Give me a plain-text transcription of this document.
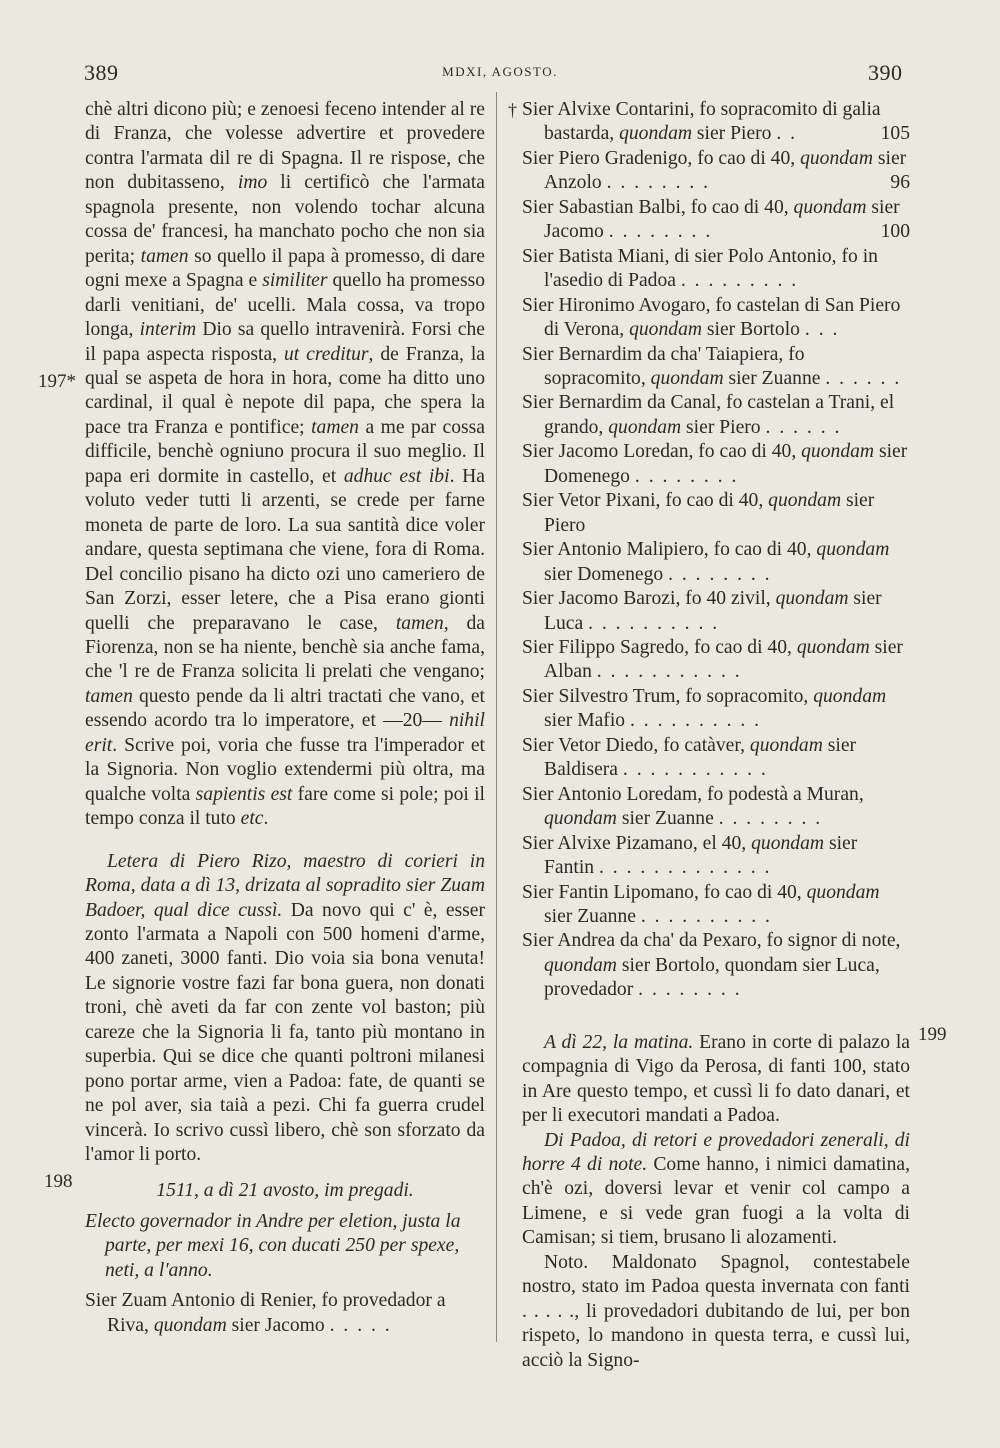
389	MDXI, AGOSTO.	390
197*
198
199

chè altri dicono più; e zenoesi feceno intender al re di Franza, che volesse advertire et provedere contra l'armata dil re di Spagna. Il re rispose, che non dubitasseno, imo li certificò che l'armata spagnola presente, non volendo tochar alcuna cossa de' francesi, ha manchato pocho che non sia perita; tamen so quello il papa à promesso, di dare ogni mexe a Spagna e similiter quello ha promesso darli venitiani, de' ucelli. Mala cossa, va tropo longa, interim Dio sa quello intravenirà. Forsi che il papa aspecta risposta, ut creditur, de Franza, la qual se aspeta de hora in hora, come ha ditto uno cardinal, il qual è nepote dil papa, che spera la pace tra Franza e pontifice; tamen a me par cossa difficile, benchè ogniuno procura il suo meglio. Il papa eri dormite in castello, et adhuc est ibi. Ha voluto veder tutti li arzenti, se crede per farne moneta de parte de loro. La sua santità dice voler andare, questa septimana che viene, fora di Roma. Del concilio pisano ha dicto ozi uno cameriero de San Zorzi, esser letere, che a Pisa erano gionti quelli che preparavano le case, tamen, da Fiorenza, non se ha niente, benchè sia anche fama, che 'l re de Franza solicita li prelati che vengano; tamen questo pende da li altri tractati che vano, et essendo acordo tra lo imperatore, et —20— nihil erit. Scrive poi, voria che fusse tra l'imperador et la Signoria. Non voglio extendermi più oltra, ma qualche volta sapientis est fare come si pole; poi il tempo conza il tuto etc.

Letera di Piero Rizo, maestro di corieri in Roma, data a dì 13, drizata al sopradito sier Zuam Badoer, qual dice cussì. Da novo qui c' è, esser zonto l'armata a Napoli con 500 homeni d'arme, 400 zaneti, 3000 fanti. Dio voia sia bona venuta! Le signorie vostre fazi far bona guera, non donati troni, chè aveti da far con zente vol baston; più careze che la Signoria li fa, tanto più montano in superbia. Qui se dice che quanti poltroni milanesi pono portar arme, vien a Padoa: fate, de quanti se ne pol aver, sia taià a pezi. Chi fa guerra crudel vincerà. Io scrivo cussì libero, chè son sforzato da l'amor li porto.

1511, a dì 21 avosto, im pregadi.
Electo governador in Andre per eletion, justa la parte, per mexi 16, con ducati 250 per spexe, neti, a l'anno.

Sier Zuam Antonio di Renier, fo provedador a Riva, quondam sier Jacomo . . . . .

† Sier Alvixe Contarini, fo sopracomito di galia bastarda, quondam sier Piero . .	105

Sier Piero Gradenigo, fo cao di 40, quondam sier Anzolo . . . . . . . .	96

Sier Sabastian Balbi, fo cao di 40, quondam sier Jacomo . . . . . . . .	100

Sier Batista Miani, di sier Polo Antonio, fo in l'asedio di Padoa . . . . . . . . .

Sier Hironimo Avogaro, fo castelan di San Piero di Verona, quondam sier Bortolo . . .

Sier Bernardim da cha' Taiapiera, fo sopracomito, quondam sier Zuanne . . . . . .

Sier Bernardim da Canal, fo castelan a Trani, el grando, quondam sier Piero . . . . . .

Sier Jacomo Loredan, fo cao di 40, quondam sier Domenego . . . . . . . .

Sier Vetor Pixani, fo cao di 40, quondam sier Piero

Sier Antonio Malipiero, fo cao di 40, quondam sier Domenego . . . . . . . .

Sier Jacomo Barozi, fo 40 zivil, quondam sier Luca . . . . . . . . . .

Sier Filippo Sagredo, fo cao di 40, quondam sier Alban . . . . . . . . . . .

Sier Silvestro Trum, fo sopracomito, quondam sier Mafio . . . . . . . . . .

Sier Vetor Diedo, fo catàver, quondam sier Baldisera . . . . . . . . . . .

Sier Antonio Loredam, fo podestà a Muran, quondam sier Zuanne . . . . . . . .

Sier Alvixe Pizamano, el 40, quondam sier Fantin . . . . . . . . . . . . .

Sier Fantin Lipomano, fo cao di 40, quondam sier Zuanne . . . . . . . . . .

Sier Andrea da cha' da Pexaro, fo signor di note, quondam sier Bortolo, quondam sier Luca, provedador . . . . . . . .

A dì 22, la matina. Erano in corte di palazo la compagnia di Vigo da Perosa, di fanti 100, stato in Are questo tempo, et cussì li fo dato danari, et per li executori mandati a Padoa.

Di Padoa, di retori e provedadori zenerali, di horre 4 di note. Come hanno, i nimici damatina, ch'è ozi, doversi levar et venir col campo a Limene, e si vede gran fuogi a la volta di Camisan; si tiem, brusano li alozamenti.

Noto. Maldonato Spagnol, contestabele nostro, stato im Padoa questa invernata con fanti . . . . ., li provedadori dubitando de lui, per bon rispeto, lo mandono in questa terra, e cussì lui, acciò la Signo-
